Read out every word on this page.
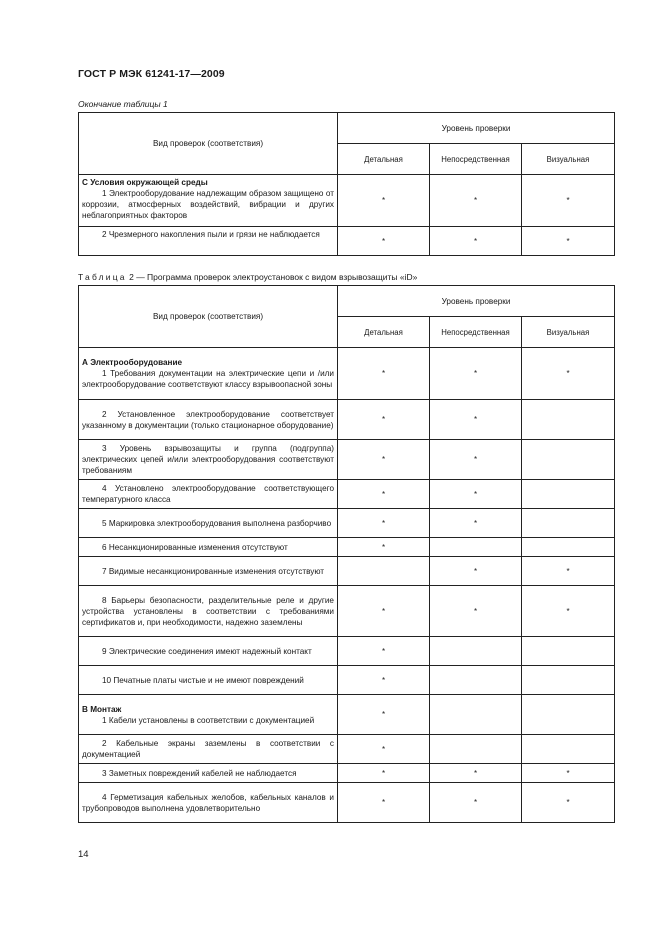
ГОСТ Р МЭК 61241-17—2009
Окончание таблицы 1
Вид проверок (соответствия)	Уровень проверки		
	Детальная	Непосредственная	Визуальная

С Условия окружающей среды
1 Электрооборудование надлежащим образом защищено от коррозии, атмосферных воздействий, вибрации и других неблагоприятных факторов	*	*	*

2 Чрезмерного накопления пыли и грязи не наблюдается	*	*	*
Таблица 2 — Программа проверок электроустановок с видом взрывозащиты «iD»
Вид проверок (соответствия)	Уровень проверки		
	Детальная	Непосредственная	Визуальная

А Электрооборудование
1 Требования документации на электрические цепи и /или электрооборудование соответствуют классу взрывоопасной зоны	*	*	*

2 Установленное электрооборудование соответствует указанному в документации (только стационарное оборудование)	*	*	

3 Уровень взрывозащиты и группа (подгруппа) электрических цепей и/или электрооборудования соответствуют требованиям	*	*	

4 Установлено электрооборудование соответствующего температурного класса	*	*	

5 Маркировка электрооборудования выполнена разборчиво	*	*	

6 Несанкционированные изменения отсутствуют	*		

7 Видимые несанкционированные изменения отсутствуют		*	*

8 Барьеры безопасности, разделительные реле и другие устройства установлены в соответствии с требованиями сертификатов и, при необходимости, надежно заземлены	*	*	*

9 Электрические соединения имеют надежный контакт	*		

10 Печатные платы чистые и не имеют повреждений	*		

В Монтаж
1 Кабели установлены в соответствии с документацией	*		

2 Кабельные экраны заземлены в соответствии с документацией	*		

3 Заметных повреждений кабелей не наблюдается	*	*	*

4 Герметизация кабельных желобов, кабельных каналов и трубопроводов выполнена удовлетворительно	*	*	*
14
